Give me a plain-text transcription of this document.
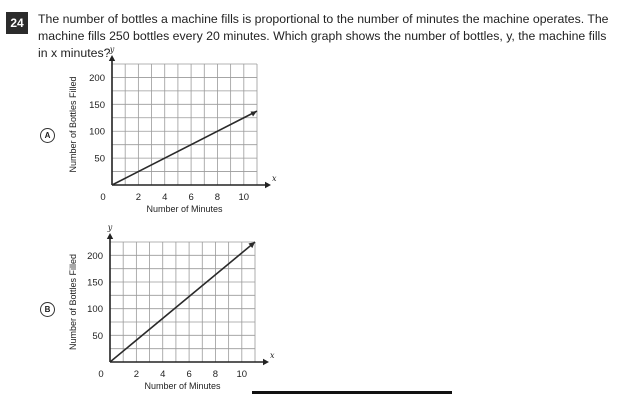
24	The number of bottles a machine fills is proportional to the number of minutes the machine operates. The machine fills 250 bottles every 20 minutes. Which graph shows the number of bottles, y, the machine fills in x minutes?
A
x
y
2 4 6 8 10
50
100
150
200
0
Number of Minutes
Number of Bottles Filled
B
x
y
2 4 6 8 10
50
100
150
200
0
Number of Minutes
Number of Bottles Filled
